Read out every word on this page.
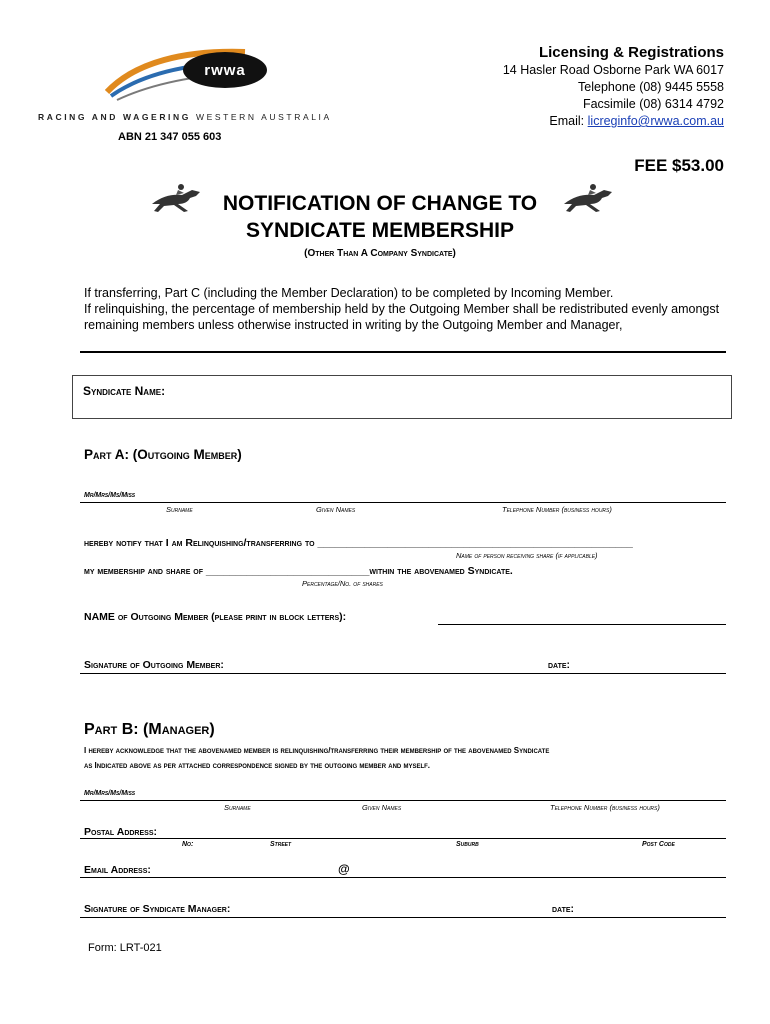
rwwa
RACING AND WAGERING WESTERN AUSTRALIA
ABN 21 347 055 603
Licensing & Registrations
14 Hasler Road Osborne Park WA 6017
Telephone (08) 9445 5558
Facsimile (08) 6314 4792
Email: licreginfo@rwwa.com.au
FEE $53.00
NOTIFICATION OF CHANGE TO
SYNDICATE MEMBERSHIP
(Other Than A Company Syndicate)
If transferring, Part C (including the Member Declaration) to be completed by Incoming Member.
If relinquishing, the percentage of membership held by the Outgoing Member shall be redistributed evenly amongst remaining members unless otherwise instructed in writing by the Outgoing Member and Manager,
Syndicate Name:
Part A: (Outgoing Member)
Mr/Mrs/Ms/Miss
Surname	Given Names	Telephone Number (business hours)
hereby notify that I am Relinquishing/transferring to ______________________________________________________
Name of person receiving share (if applicable)
my membership and share of ____________________________within the abovenamed Syndicate.
Percentage/No. of shares
NAME of Outgoing Member (please print in block letters):
Signature of Outgoing Member:	date:
Part B: (Manager)
I hereby acknowledge that the abovenamed member is relinquishing/transferring their membership of the abovenamed Syndicate
as Indicated above as per attached correspondence signed by the outgoing member and myself.
Mr/Mrs/Ms/Miss
Surname	Given Names	Telephone Number (business hours)
Postal Address:
No:	Street	Suburb	Post Code
Email Address:	@
Signature of Syndicate Manager:	date:
Form: LRT-021
